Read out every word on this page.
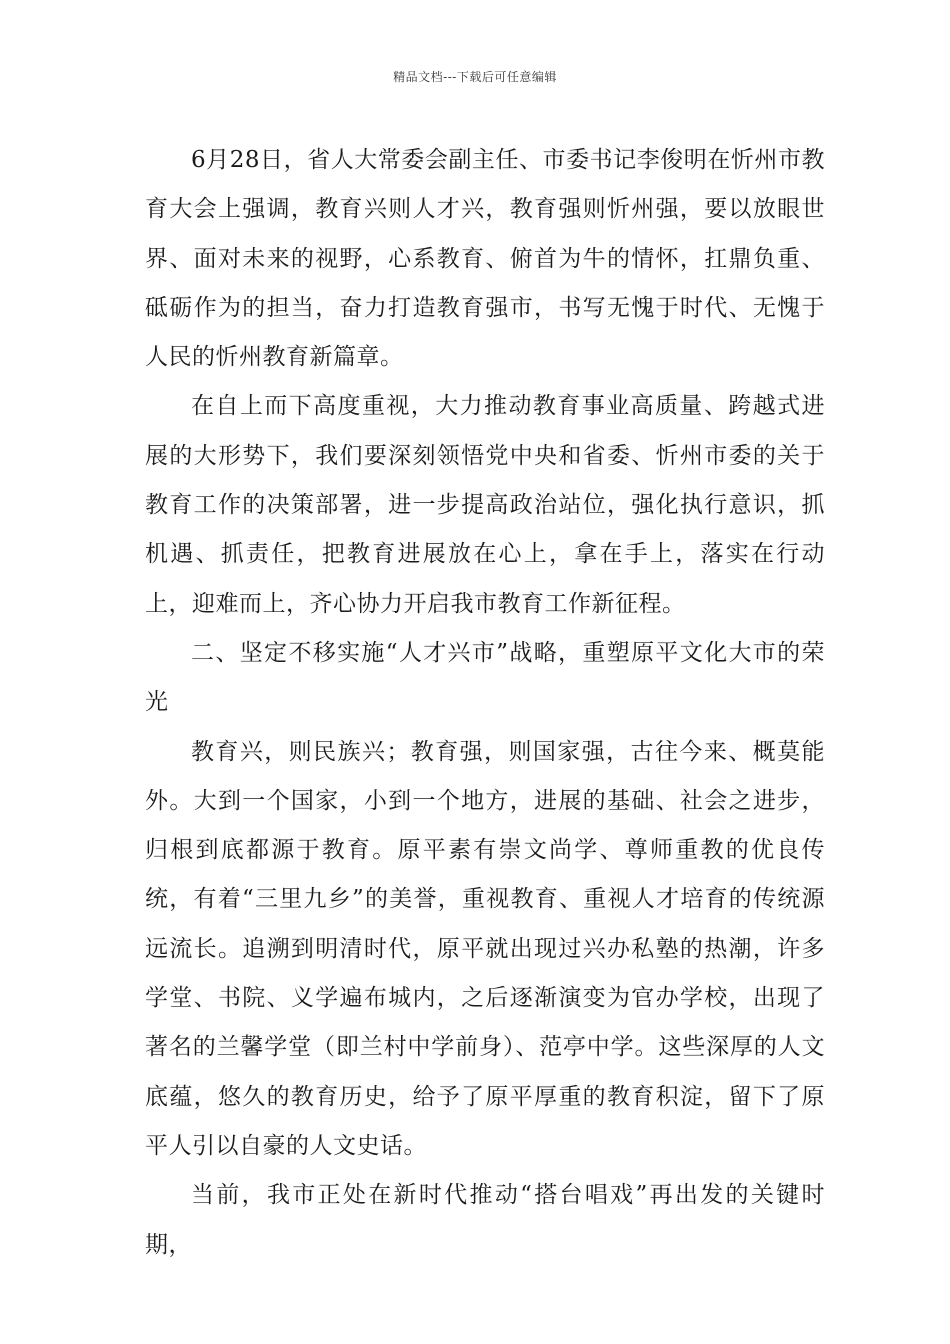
精品文档---下载后可任意编辑

6月28日，省人大常委会副主任、市委书记李俊明在忻州市教育大会上强调，教育兴则人才兴，教育强则忻州强，要以放眼世界、面对未来的视野，心系教育、俯首为牛的情怀，扛鼎负重、砥砺作为的担当，奋力打造教育强市，书写无愧于时代、无愧于人民的忻州教育新篇章。

在自上而下高度重视，大力推动教育事业高质量、跨越式进展的大形势下，我们要深刻领悟党中央和省委、忻州市委的关于教育工作的决策部署，进一步提高政治站位，强化执行意识，抓机遇、抓责任，把教育进展放在心上，拿在手上，落实在行动上，迎难而上，齐心协力开启我市教育工作新征程。

二、坚定不移实施“人才兴市”战略，重塑原平文化大市的荣光

教育兴，则民族兴；教育强，则国家强，古往今来、概莫能外。大到一个国家，小到一个地方，进展的基础、社会之进步，归根到底都源于教育。原平素有崇文尚学、尊师重教的优良传统，有着“三里九乡”的美誉，重视教育、重视人才培育的传统源远流长。追溯到明清时代，原平就出现过兴办私塾的热潮，许多学堂、书院、义学遍布城内，之后逐渐演变为官办学校，出现了著名的兰馨学堂（即兰村中学前身）、范亭中学。这些深厚的人文底蕴，悠久的教育历史，给予了原平厚重的教育积淀，留下了原平人引以自豪的人文史话。

当前，我市正处在新时代推动“搭台唱戏”再出发的关键时期，
